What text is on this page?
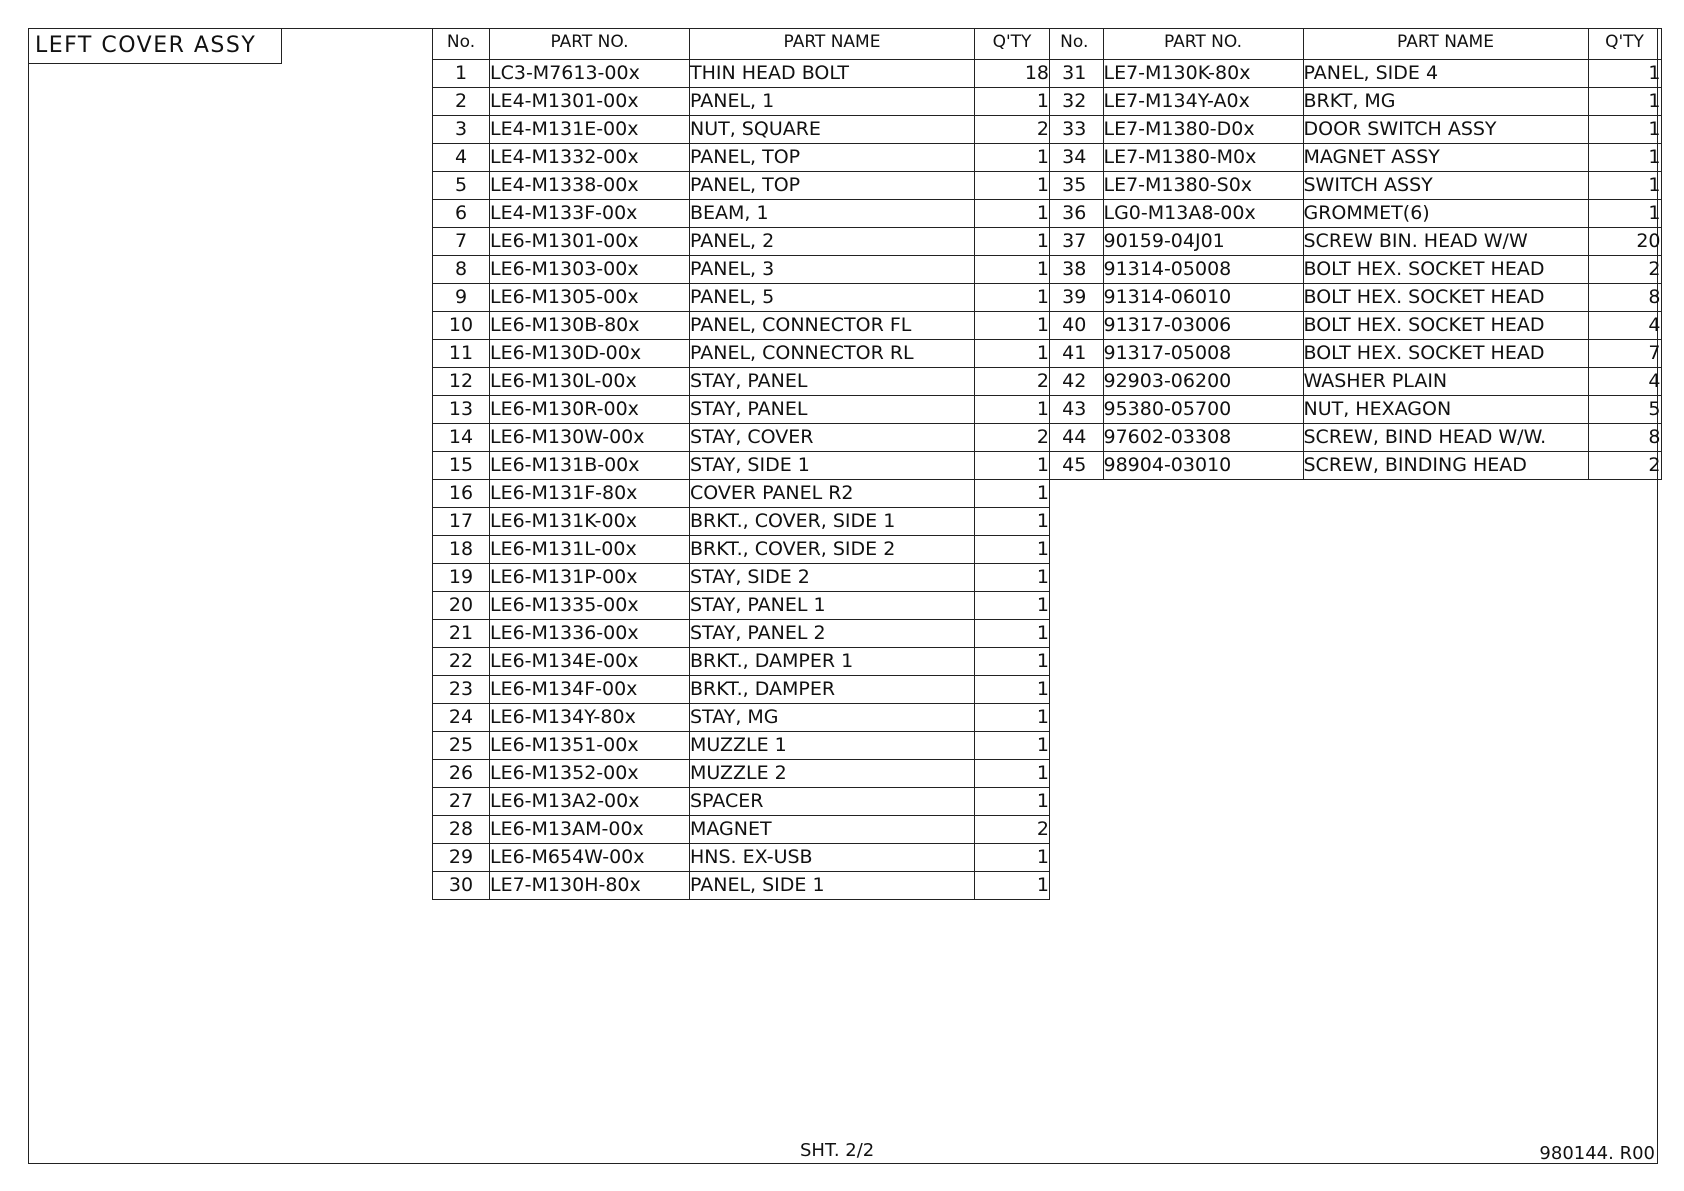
LEFT COVER ASSY	No.	PART NO.	PART NAME	Q'TY

1	LC3-M7613-00x	THIN HEAD BOLT	18
2	LE4-M1301-00x	PANEL, 1	1
3	LE4-M131E-00x	NUT, SQUARE	2
4	LE4-M1332-00x	PANEL, TOP	1
5	LE4-M1338-00x	PANEL, TOP	1
6	LE4-M133F-00x	BEAM, 1	1
7	LE6-M1301-00x	PANEL, 2	1
8	LE6-M1303-00x	PANEL, 3	1
9	LE6-M1305-00x	PANEL, 5	1
10	LE6-M130B-80x	PANEL, CONNECTOR FL	1
11	LE6-M130D-00x	PANEL, CONNECTOR RL	1
12	LE6-M130L-00x	STAY, PANEL	2
13	LE6-M130R-00x	STAY, PANEL	1
14	LE6-M130W-00x	STAY, COVER	2
15	LE6-M131B-00x	STAY, SIDE 1	1
16	LE6-M131F-80x	COVER PANEL R2	1
17	LE6-M131K-00x	BRKT., COVER, SIDE 1	1
18	LE6-M131L-00x	BRKT., COVER, SIDE 2	1
19	LE6-M131P-00x	STAY, SIDE 2	1
20	LE6-M1335-00x	STAY, PANEL 1	1
21	LE6-M1336-00x	STAY, PANEL 2	1
22	LE6-M134E-00x	BRKT., DAMPER 1	1
23	LE6-M134F-00x	BRKT., DAMPER	1
24	LE6-M134Y-80x	STAY, MG	1
25	LE6-M1351-00x	MUZZLE 1	1
26	LE6-M1352-00x	MUZZLE 2	1
27	LE6-M13A2-00x	SPACER	1
28	LE6-M13AM-00x	MAGNET	2
29	LE6-M654W-00x	HNS. EX-USB	1
30	LE7-M130H-80x	PANEL, SIDE 1	1
No.	PART NO.	PART NAME	Q'TY

31	LE7-M130K-80x	PANEL, SIDE 4	1
32	LE7-M134Y-A0x	BRKT, MG	1
33	LE7-M1380-D0x	DOOR SWITCH ASSY	1
34	LE7-M1380-M0x	MAGNET ASSY	1
35	LE7-M1380-S0x	SWITCH ASSY	1
36	LG0-M13A8-00x	GROMMET(6)	1
37	90159-04J01	SCREW BIN. HEAD W/W	20
38	91314-05008	BOLT HEX. SOCKET HEAD	2
39	91314-06010	BOLT HEX. SOCKET HEAD	8
40	91317-03006	BOLT HEX. SOCKET HEAD	4
41	91317-05008	BOLT HEX. SOCKET HEAD	7
42	92903-06200	WASHER PLAIN	4
43	95380-05700	NUT, HEXAGON	5
44	97602-03308	SCREW, BIND HEAD W/W.	8
45	98904-03010	SCREW, BINDING HEAD	2
SHT. 2/2	980144. R00
